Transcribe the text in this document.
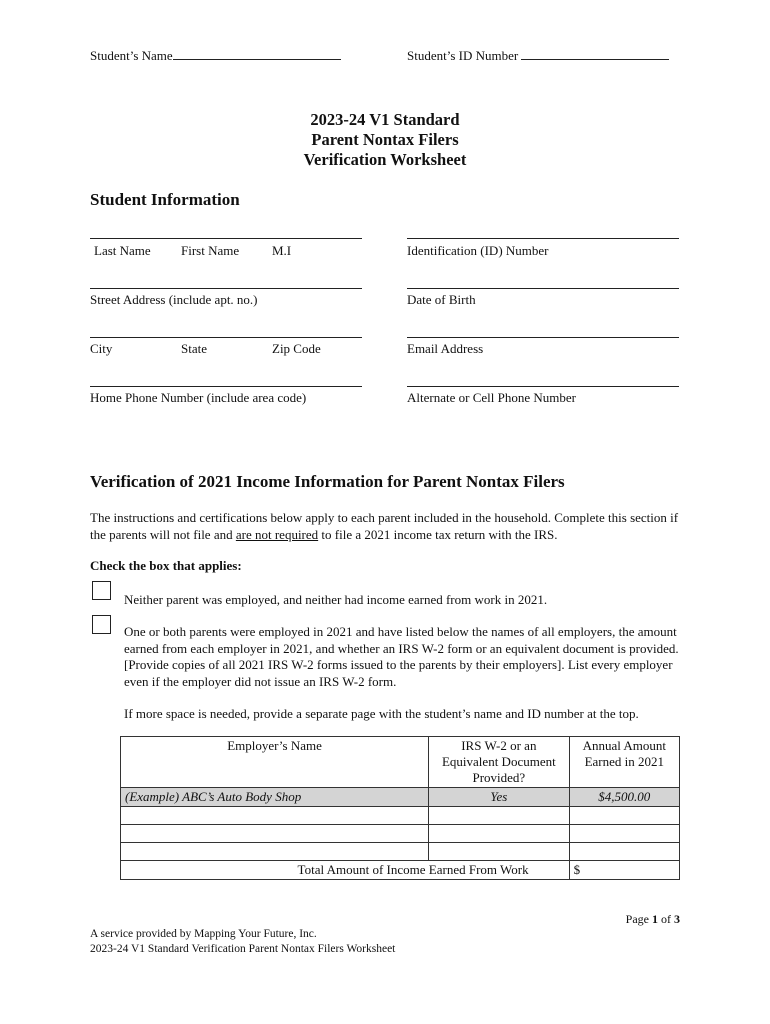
Student’s Name	Student’s ID Number
2023-24 V1 Standard
Parent Nontax Filers
Verification Worksheet
Student Information
Last Name First Name	M.I	Identification (ID) Number
Street Address (include apt. no.)	Date of Birth
City	State	Zip Code	Email Address
Home Phone Number (include area code)	Alternate or Cell Phone Number
Verification of 2021 Income Information for Parent Nontax Filers
The instructions and certifications below apply to each parent included in the household. Complete this section if the parents will not file and are not required to file a 2021 income tax return with the IRS.
Check the box that applies:
Neither parent was employed, and neither had income earned from work in 2021.
One or both parents were employed in 2021 and have listed below the names of all employers, the amount earned from each employer in 2021, and whether an IRS W-2 form or an equivalent document is provided. [Provide copies of all 2021 IRS W-2 forms issued to the parents by their employers]. List every employer even if the employer did not issue an IRS W-2 form.
If more space is needed, provide a separate page with the student’s name and ID number at the top.
Employer’s Name	IRS W-2 or an Equivalent Document Provided?	Annual Amount Earned in 2021
(Example) ABC’s Auto Body Shop	Yes	$4,500.00

Total Amount of Income Earned From Work		$
Page 1 of 3
A service provided by Mapping Your Future, Inc.
2023-24 V1 Standard Verification Parent Nontax Filers Worksheet
